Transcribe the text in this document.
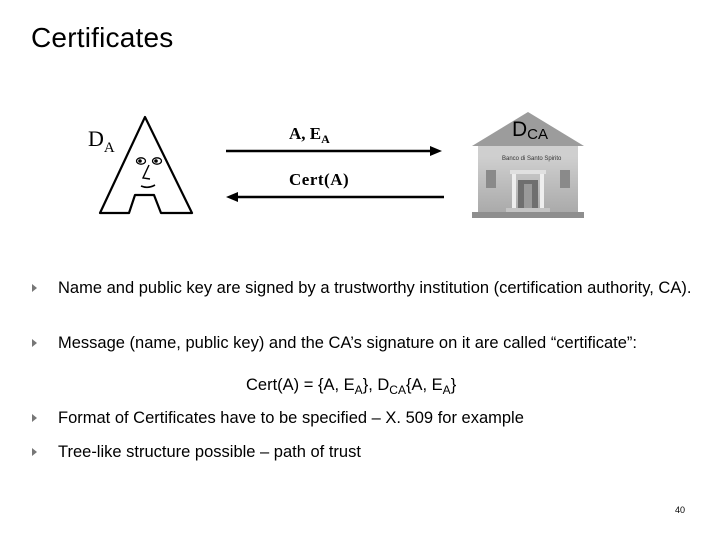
Certificates
$D_A$
A, $E_A$
Cert(A)
$D_{CA}$
Banco di Santo Spirito
Name and public key are signed by a trustworthy institution (certification authority, CA).
Message (name, public key) and the CA’s signature on it are called “certificate”:
Cert(A) = {A, $E_A$}, $D_{CA}\{A$, $E_A$}
Format of Certificates have to be specified – X. 509 for example
Tree-like structure possible – path of trust
40
